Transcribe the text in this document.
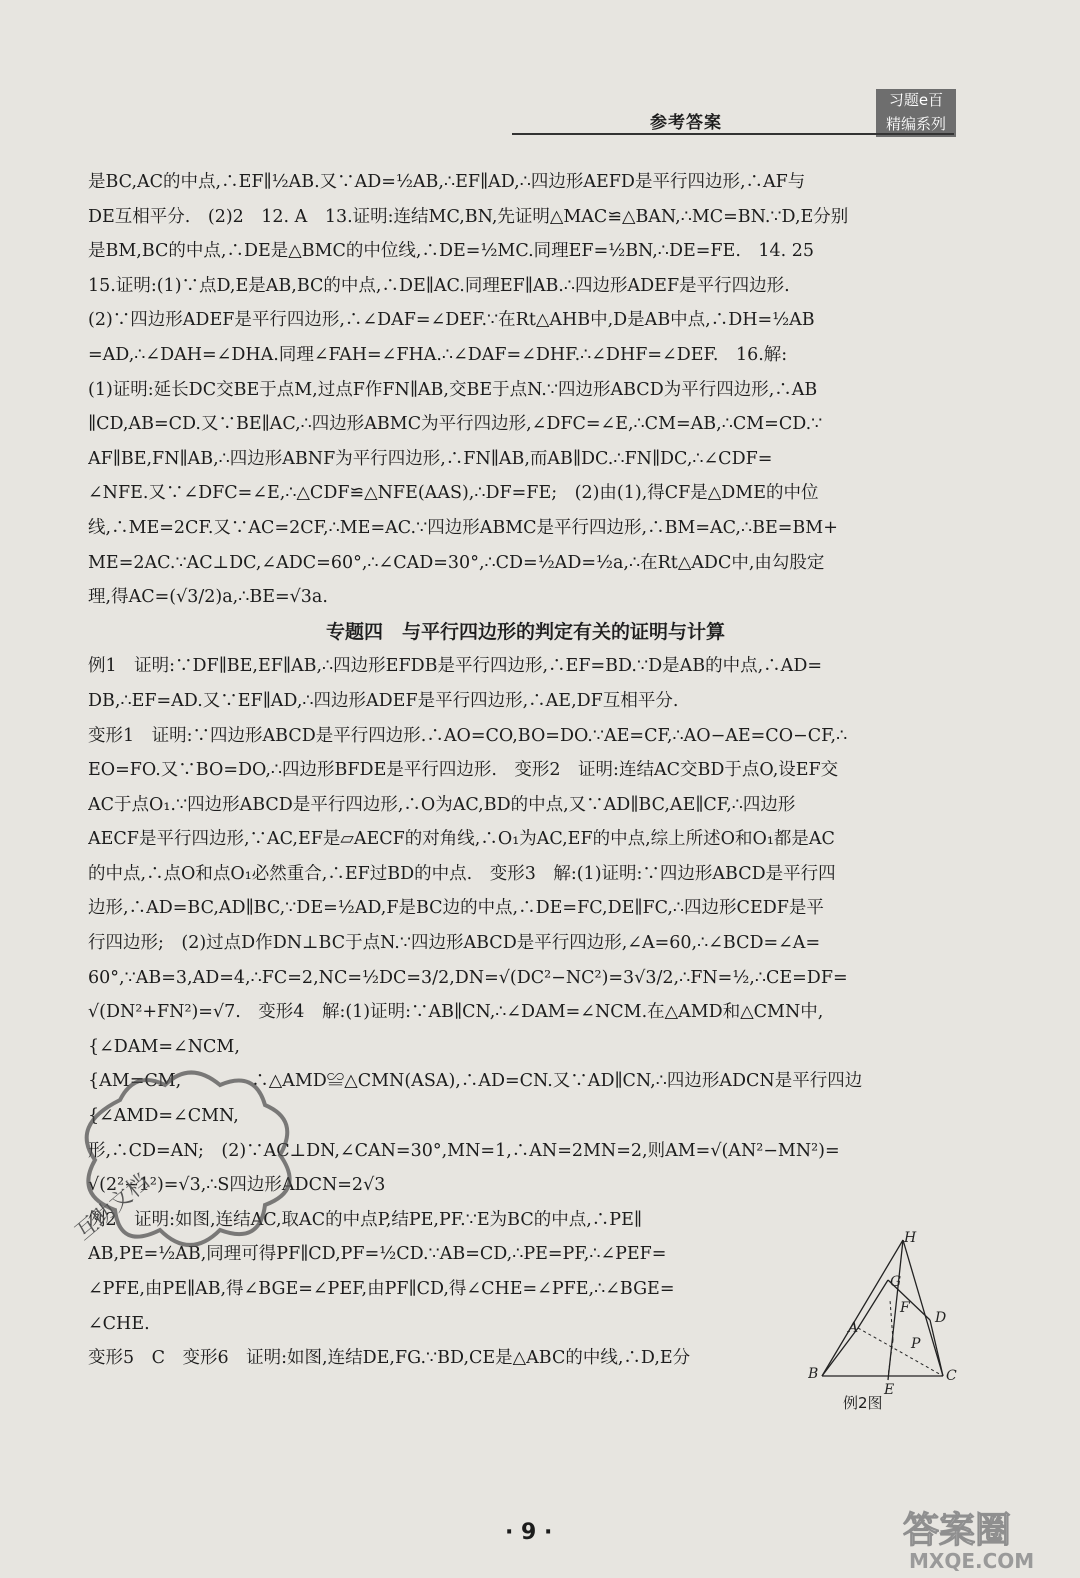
习题e百
精编系列
参考答案

是BC,AC的中点,∴EF∥½AB.又∵AD=½AB,∴EF∥AD,∴四边形AEFD是平行四边形,∴AF与

DE互相平分.　(2)2　12. A　13.证明:连结MC,BN,先证明△MAC≌△BAN,∴MC=BN.∵D,E分别

是BM,BC的中点,∴DE是△BMC的中位线,∴DE=½MC.同理EF=½BN,∴DE=FE.　14. 25

15.证明:(1)∵点D,E是AB,BC的中点,∴DE∥AC.同理EF∥AB.∴四边形ADEF是平行四边形.

(2)∵四边形ADEF是平行四边形,∴∠DAF=∠DEF.∵在Rt△AHB中,D是AB中点,∴DH=½AB

=AD,∴∠DAH=∠DHA.同理∠FAH=∠FHA.∴∠DAF=∠DHF.∴∠DHF=∠DEF.　16.解:

(1)证明:延长DC交BE于点M,过点F作FN∥AB,交BE于点N.∵四边形ABCD为平行四边形,∴AB

∥CD,AB=CD.又∵BE∥AC,∴四边形ABMC为平行四边形,∠DFC=∠E,∴CM=AB,∴CM=CD.∵

AF∥BE,FN∥AB,∴四边形ABNF为平行四边形,∴FN∥AB,而AB∥DC.∴FN∥DC,∴∠CDF=

∠NFE.又∵∠DFC=∠E,∴△CDF≌△NFE(AAS),∴DF=FE;　(2)由(1),得CF是△DME的中位

线,∴ME=2CF.又∵AC=2CF,∴ME=AC.∵四边形ABMC是平行四边形,∴BM=AC,∴BE=BM+

ME=2AC.∵AC⊥DC,∠ADC=60°,∴∠CAD=30°,∴CD=½AD=½a,∴在Rt△ADC中,由勾股定

理,得AC=(√3/2)a,∴BE=√3a.

专题四　与平行四边形的判定有关的证明与计算

例1　证明:∵DF∥BE,EF∥AB,∴四边形EFDB是平行四边形,∴EF=BD.∵D是AB的中点,∴AD=

DB,∴EF=AD.又∵EF∥AD,∴四边形ADEF是平行四边形,∴AE,DF互相平分.

变形1　证明:∵四边形ABCD是平行四边形.∴AO=CO,BO=DO.∵AE=CF,∴AO−AE=CO−CF,∴

EO=FO.又∵BO=DO,∴四边形BFDE是平行四边形.　变形2　证明:连结AC交BD于点O,设EF交

AC于点O₁.∵四边形ABCD是平行四边形,∴O为AC,BD的中点,又∵AD∥BC,AE∥CF,∴四边形

AECF是平行四边形,∵AC,EF是▱AECF的对角线,∴O₁为AC,EF的中点,综上所述O和O₁都是AC

的中点,∴点O和点O₁必然重合,∴EF过BD的中点.　变形3　解:(1)证明:∵四边形ABCD是平行四

边形,∴AD=BC,AD∥BC,∵DE=½AD,F是BC边的中点,∴DE=FC,DE∥FC,∴四边形CEDF是平

行四边形;　(2)过点D作DN⊥BC于点N.∵四边形ABCD是平行四边形,∠A=60,∴∠BCD=∠A=

60°,∵AB=3,AD=4,∴FC=2,NC=½DC=3/2,DN=√(DC²−NC²)=3√3/2,∴FN=½,∴CE=DF=

√(DN²+FN²)=√7.　变形4　解:(1)证明:∵AB∥CN,∴∠DAM=∠NCM.在△AMD和△CMN中,

{∠DAM=∠NCM,

{AM=CM,　　　　∴△AMD≌△CMN(ASA),∴AD=CN.又∵AD∥CN,∴四边形ADCN是平行四边

{∠AMD=∠CMN,

形,∴CD=AN;　(2)∵AC⊥DN,∠CAN=30°,MN=1,∴AN=2MN=2,则AM=√(AN²−MN²)=

√(2²−1²)=√3,∴S四边形ADCN=2√3

例2　证明:如图,连结AC,取AC的中点P,结PE,PF.∵E为BC的中点,∴PE∥

AB,PE=½AB,同理可得PF∥CD,PF=½CD.∵AB=CD,∴PE=PF,∴∠PEF=

∠PFE,由PE∥AB,得∠BGE=∠PEF,由PF∥CD,得∠CHE=∠PFE,∴∠BGE=

∠CHE.

变形5　C　变形6　证明:如图,连结DE,FG.∵BD,CE是△ABC的中线,∴D,E分

H
G
F
D
A
P
B
E
C
例2图
互助文档
· 9 ·	答案圈
MXQE.COM
